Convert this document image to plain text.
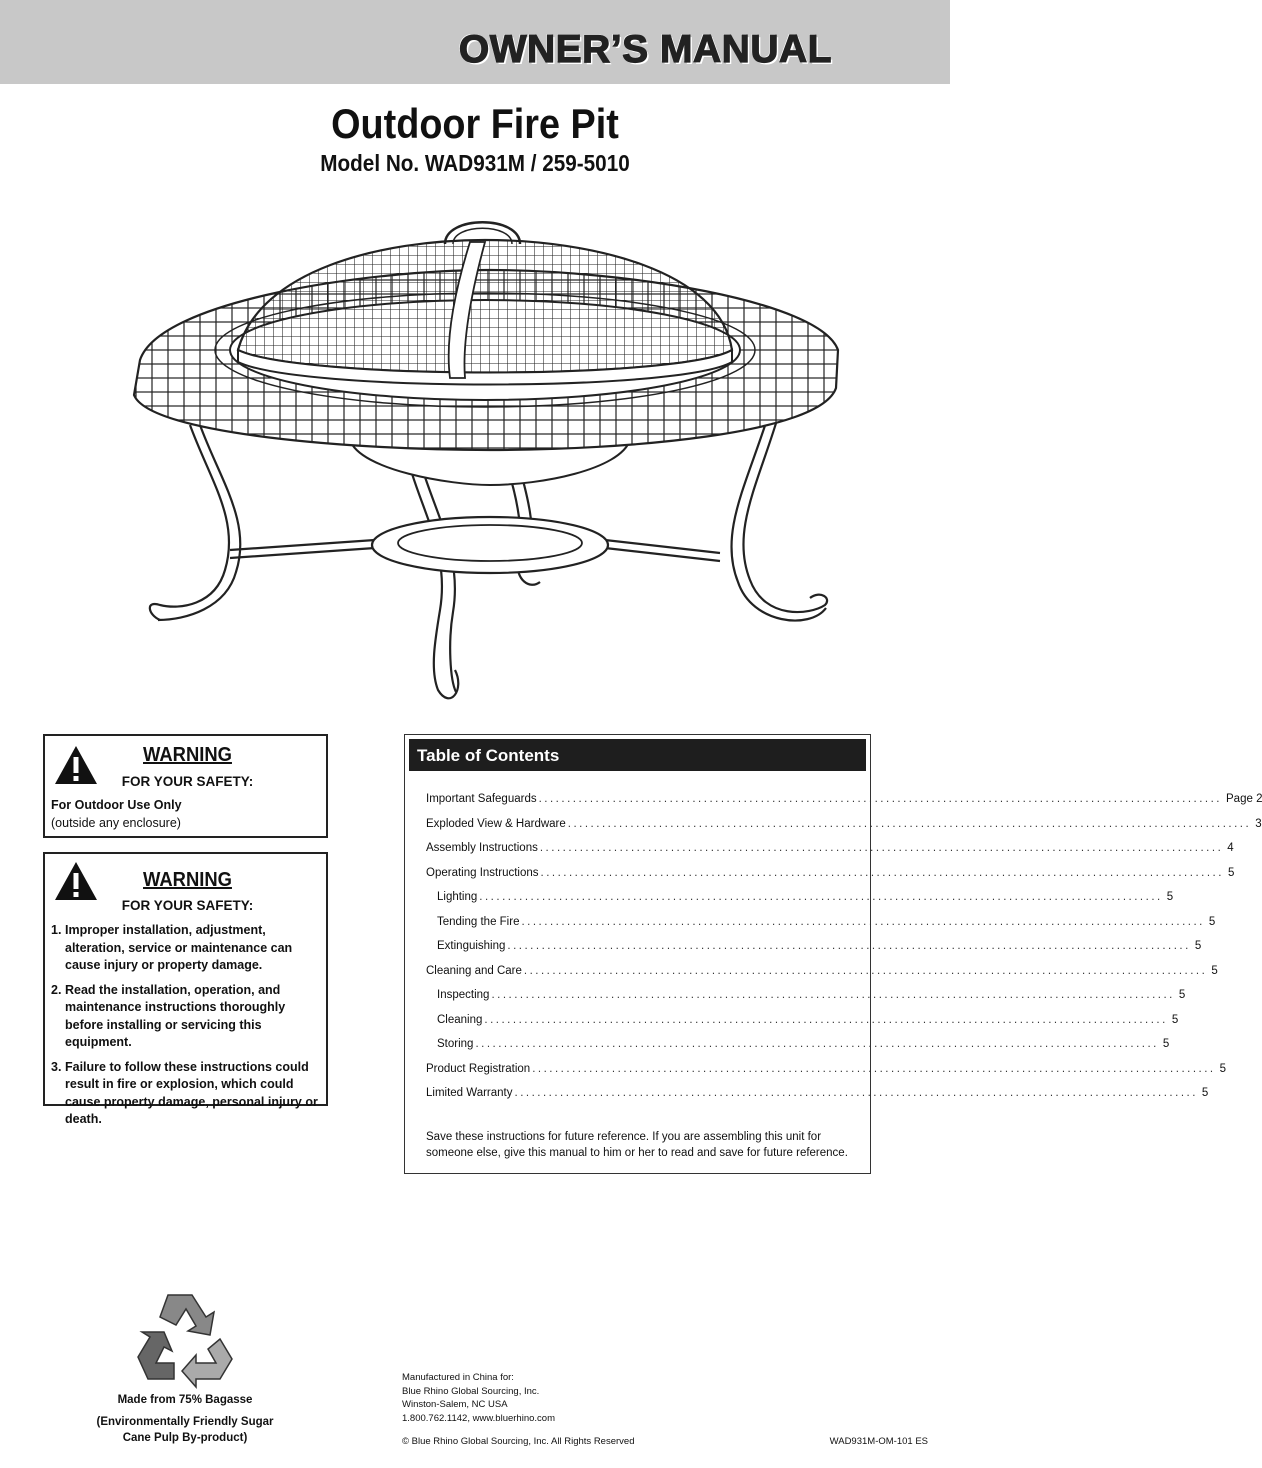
OWNER’S MANUAL
Outdoor Fire Pit
Model No. WAD931M / 259-5010
WARNING
FOR YOUR SAFETY:
For Outdoor Use Only
(outside any enclosure)
WARNING
FOR YOUR SAFETY:
1. Improper installation, adjustment, alteration, service or maintenance can cause injury or property damage.
2. Read the installation, operation, and maintenance instructions thoroughly before installing or servicing this equipment.
3. Failure to follow these instructions could result in fire or explosion, which could cause property damage, personal injury or death.
Table of Contents
Important Safeguards ........................................................................................................................ Page 2
Exploded View & Hardware ........................................................................................................................ 3
Assembly Instructions ........................................................................................................................ 4
Operating Instructions ........................................................................................................................ 5
Lighting ........................................................................................................................ 5
Tending the Fire ........................................................................................................................ 5
Extinguishing ........................................................................................................................ 5
Cleaning and Care ........................................................................................................................ 5
Inspecting ........................................................................................................................ 5
Cleaning ........................................................................................................................ 5
Storing ........................................................................................................................ 5
Product Registration ........................................................................................................................ 5
Limited Warranty ........................................................................................................................ 5
Save these instructions for future reference. If you are assembling this unit for someone else, give this manual to him or her to read and save for future reference.
Made from 75% Bagasse
(Environmentally Friendly Sugar
Cane Pulp By-product)
Manufactured in China for:
Blue Rhino Global Sourcing, Inc.
Winston-Salem, NC USA
1.800.762.1142, www.bluerhino.com
© Blue Rhino Global Sourcing, Inc. All Rights Reserved	WAD931M-OM-101 ES
